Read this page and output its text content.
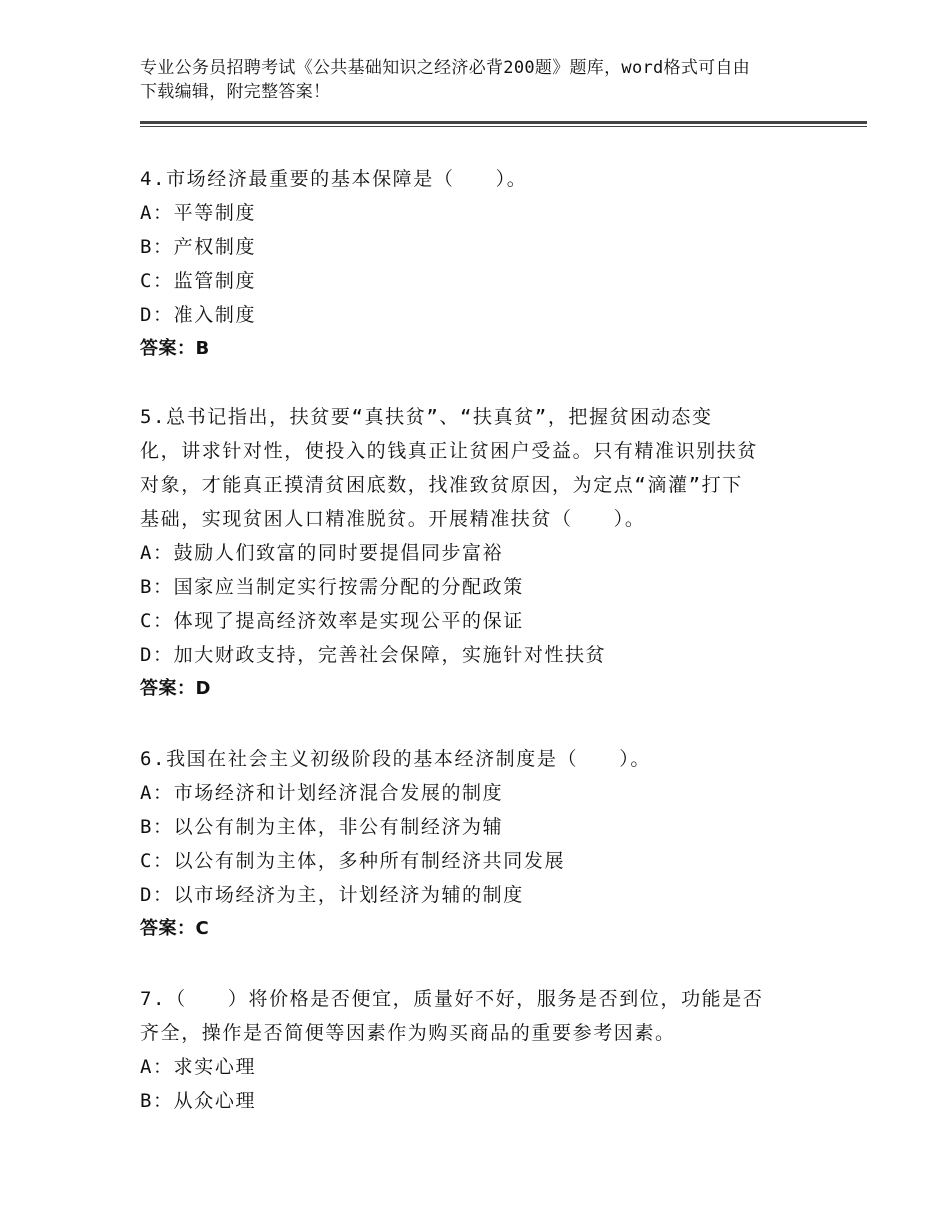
专业公务员招聘考试《公共基础知识之经济必背200题》题库，word格式可自由
下载编辑，附完整答案！

4.市场经济最重要的基本保障是（　　）。

A：平等制度

B：产权制度

C：监管制度

D：准入制度

答案：B

5.总书记指出，扶贫要“真扶贫”、“扶真贫”，把握贫困动态变

化，讲求针对性，使投入的钱真正让贫困户受益。只有精准识别扶贫

对象，才能真正摸清贫困底数，找准致贫原因，为定点“滴灌”打下

基础，实现贫困人口精准脱贫。开展精准扶贫（　　）。

A：鼓励人们致富的同时要提倡同步富裕

B：国家应当制定实行按需分配的分配政策

C：体现了提高经济效率是实现公平的保证

D：加大财政支持，完善社会保障，实施针对性扶贫

答案：D

6.我国在社会主义初级阶段的基本经济制度是（　　）。

A：市场经济和计划经济混合发展的制度

B：以公有制为主体，非公有制经济为辅

C：以公有制为主体，多种所有制经济共同发展

D：以市场经济为主，计划经济为辅的制度

答案：C

7.（　　）将价格是否便宜，质量好不好，服务是否到位，功能是否

齐全，操作是否简便等因素作为购买商品的重要参考因素。

A：求实心理

B：从众心理
